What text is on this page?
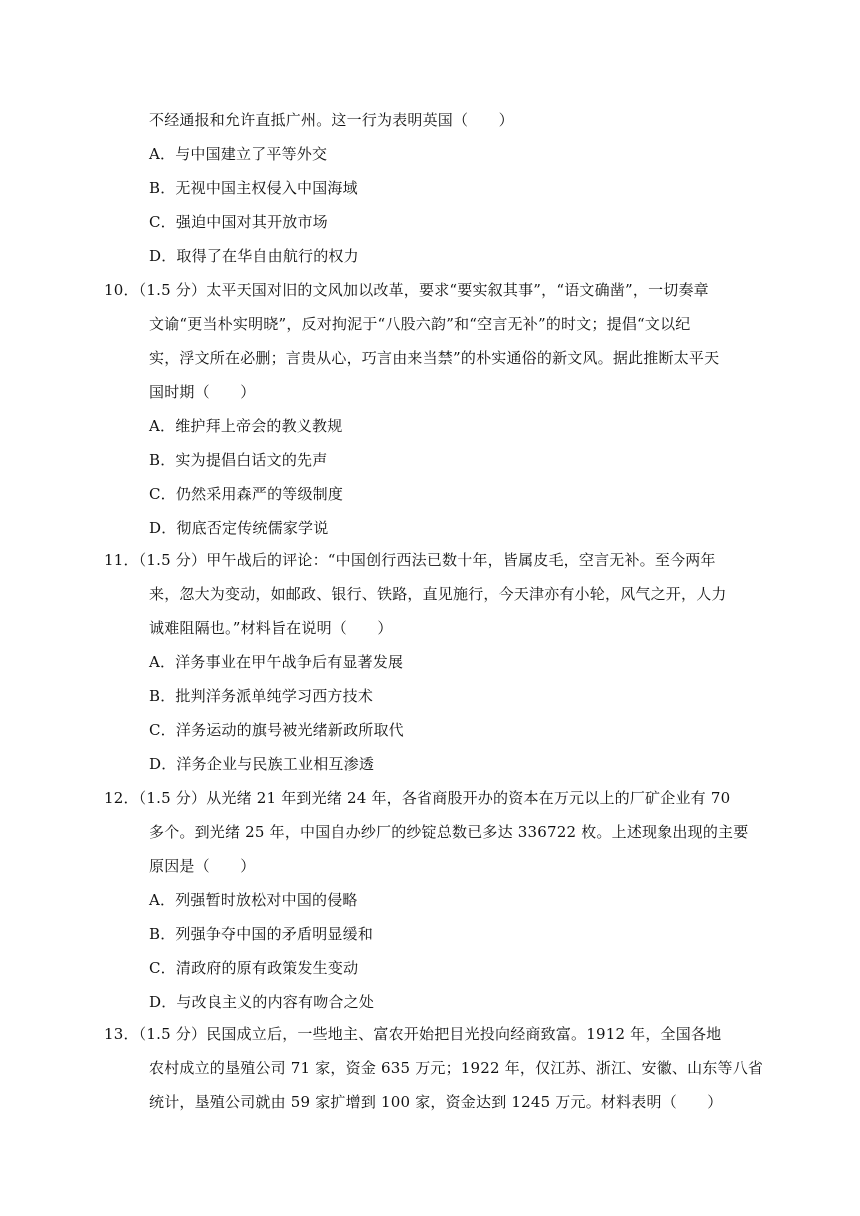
不经通报和允许直抵广州。这一行为表明英国（　　）
A．与中国建立了平等外交
B．无视中国主权侵入中国海域
C．强迫中国对其开放市场
D．取得了在华自由航行的权力
10．（1.5 分）太平天国对旧的文风加以改革，要求“要实叙其事”，“语文确凿”，一切奏章
文谕“更当朴实明晓”，反对拘泥于“八股六韵”和“空言无补”的时文；提倡“文以纪
实，浮文所在必删；言贵从心，巧言由来当禁”的朴实通俗的新文风。据此推断太平天
国时期（　　）
A．维护拜上帝会的教义教规
B．实为提倡白话文的先声
C．仍然采用森严的等级制度
D．彻底否定传统儒家学说
11．（1.5 分）甲午战后的评论：“中国创行西法已数十年，皆属皮毛，空言无补。至今两年
来，忽大为变动，如邮政、银行、铁路，直见施行，今天津亦有小轮，风气之开，人力
诚难阻隔也。”材料旨在说明（　　）
A．洋务事业在甲午战争后有显著发展
B．批判洋务派单纯学习西方技术
C．洋务运动的旗号被光绪新政所取代
D．洋务企业与民族工业相互渗透
12．（1.5 分）从光绪 21 年到光绪 24 年，各省商股开办的资本在万元以上的厂矿企业有 70
多个。到光绪 25 年，中国自办纱厂的纱锭总数已多达 336722 枚。上述现象出现的主要
原因是（　　）
A．列强暂时放松对中国的侵略
B．列强争夺中国的矛盾明显缓和
C．清政府的原有政策发生变动
D．与改良主义的内容有吻合之处
13．（1.5 分）民国成立后，一些地主、富农开始把目光投向经商致富。1912 年，全国各地
农村成立的垦殖公司 71 家，资金 635 万元；1922 年，仅江苏、浙江、安徽、山东等八省
统计，垦殖公司就由 59 家扩增到 100 家，资金达到 1245 万元。材料表明（　　）
